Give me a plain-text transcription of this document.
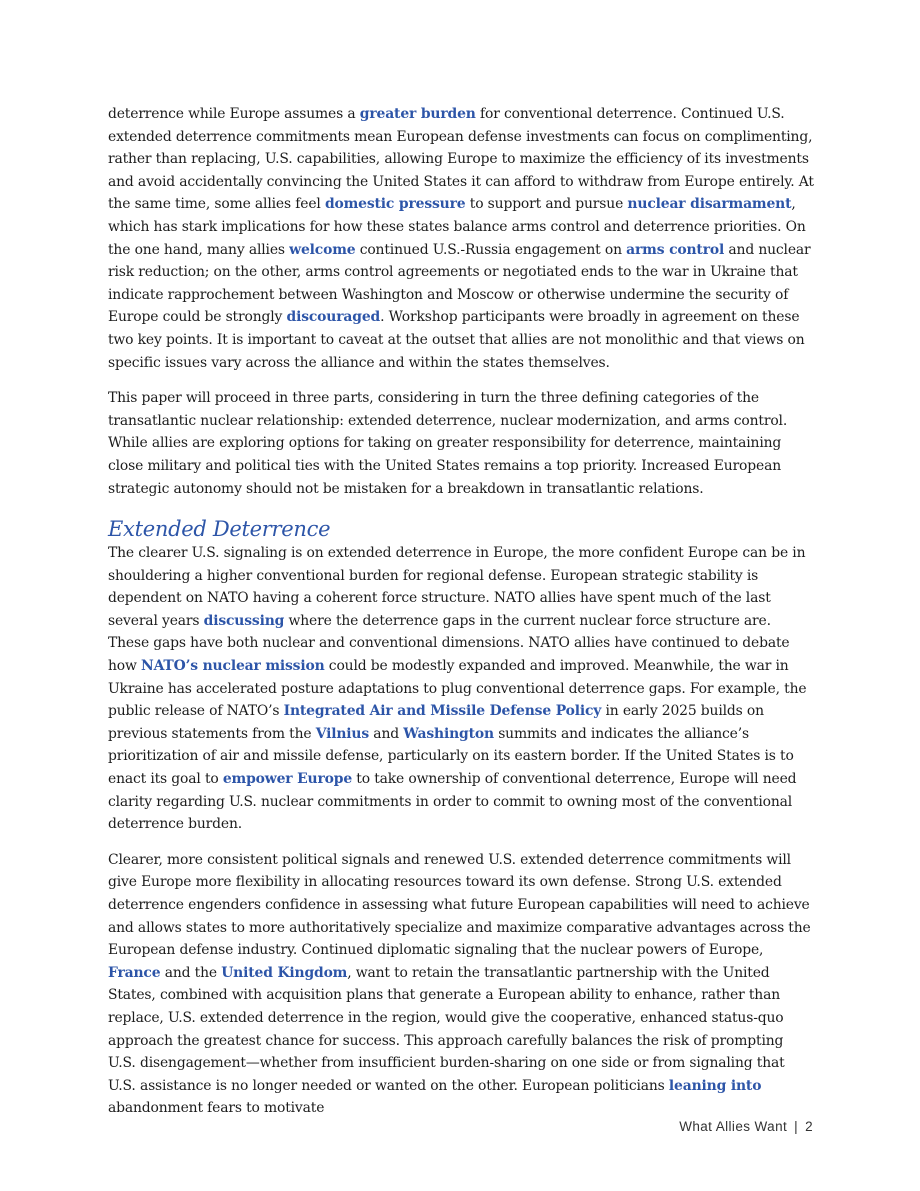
deterrence while Europe assumes a greater burden for conventional deterrence. Continued U.S. extended deterrence commitments mean European defense investments can focus on complimenting, rather than replacing, U.S. capabilities, allowing Europe to maximize the efficiency of its investments and avoid accidentally convincing the United States it can afford to withdraw from Europe entirely. At the same time, some allies feel domestic pressure to support and pursue nuclear disarmament, which has stark implications for how these states balance arms control and deterrence priorities. On the one hand, many allies welcome continued U.S.-Russia engagement on arms control and nuclear risk reduction; on the other, arms control agreements or negotiated ends to the war in Ukraine that indicate rapprochement between Washington and Moscow or otherwise undermine the security of Europe could be strongly discouraged. Workshop participants were broadly in agreement on these two key points. It is important to caveat at the outset that allies are not monolithic and that views on specific issues vary across the alliance and within the states themselves.

This paper will proceed in three parts, considering in turn the three defining categories of the transatlantic nuclear relationship: extended deterrence, nuclear modernization, and arms control. While allies are exploring options for taking on greater responsibility for deterrence, maintaining close military and political ties with the United States remains a top priority. Increased European strategic autonomy should not be mistaken for a breakdown in transatlantic relations.

Extended Deterrence

The clearer U.S. signaling is on extended deterrence in Europe, the more confident Europe can be in shouldering a higher conventional burden for regional defense. European strategic stability is dependent on NATO having a coherent force structure. NATO allies have spent much of the last several years discussing where the deterrence gaps in the current nuclear force structure are. These gaps have both nuclear and conventional dimensions. NATO allies have continued to debate how NATO’s nuclear mission could be modestly expanded and improved. Meanwhile, the war in Ukraine has accelerated posture adaptations to plug conventional deterrence gaps. For example, the public release of NATO’s Integrated Air and Missile Defense Policy in early 2025 builds on previous statements from the Vilnius and Washington summits and indicates the alliance’s prioritization of air and missile defense, particularly on its eastern border. If the United States is to enact its goal to empower Europe to take ownership of conventional deterrence, Europe will need clarity regarding U.S. nuclear commitments in order to commit to owning most of the conventional deterrence burden.

Clearer, more consistent political signals and renewed U.S. extended deterrence commitments will give Europe more flexibility in allocating resources toward its own defense. Strong U.S. extended deterrence engenders confidence in assessing what future European capabilities will need to achieve and allows states to more authoritatively specialize and maximize comparative advantages across the European defense industry. Continued diplomatic signaling that the nuclear powers of Europe, France and the United Kingdom, want to retain the transatlantic partnership with the United States, combined with acquisition plans that generate a European ability to enhance, rather than replace, U.S. extended deterrence in the region, would give the cooperative, enhanced status-quo approach the greatest chance for success. This approach carefully balances the risk of prompting U.S. disengagement—whether from insufficient burden-sharing on one side or from signaling that U.S. assistance is no longer needed or wanted on the other. European politicians leaning into abandonment fears to motivate

What Allies Want | 2
